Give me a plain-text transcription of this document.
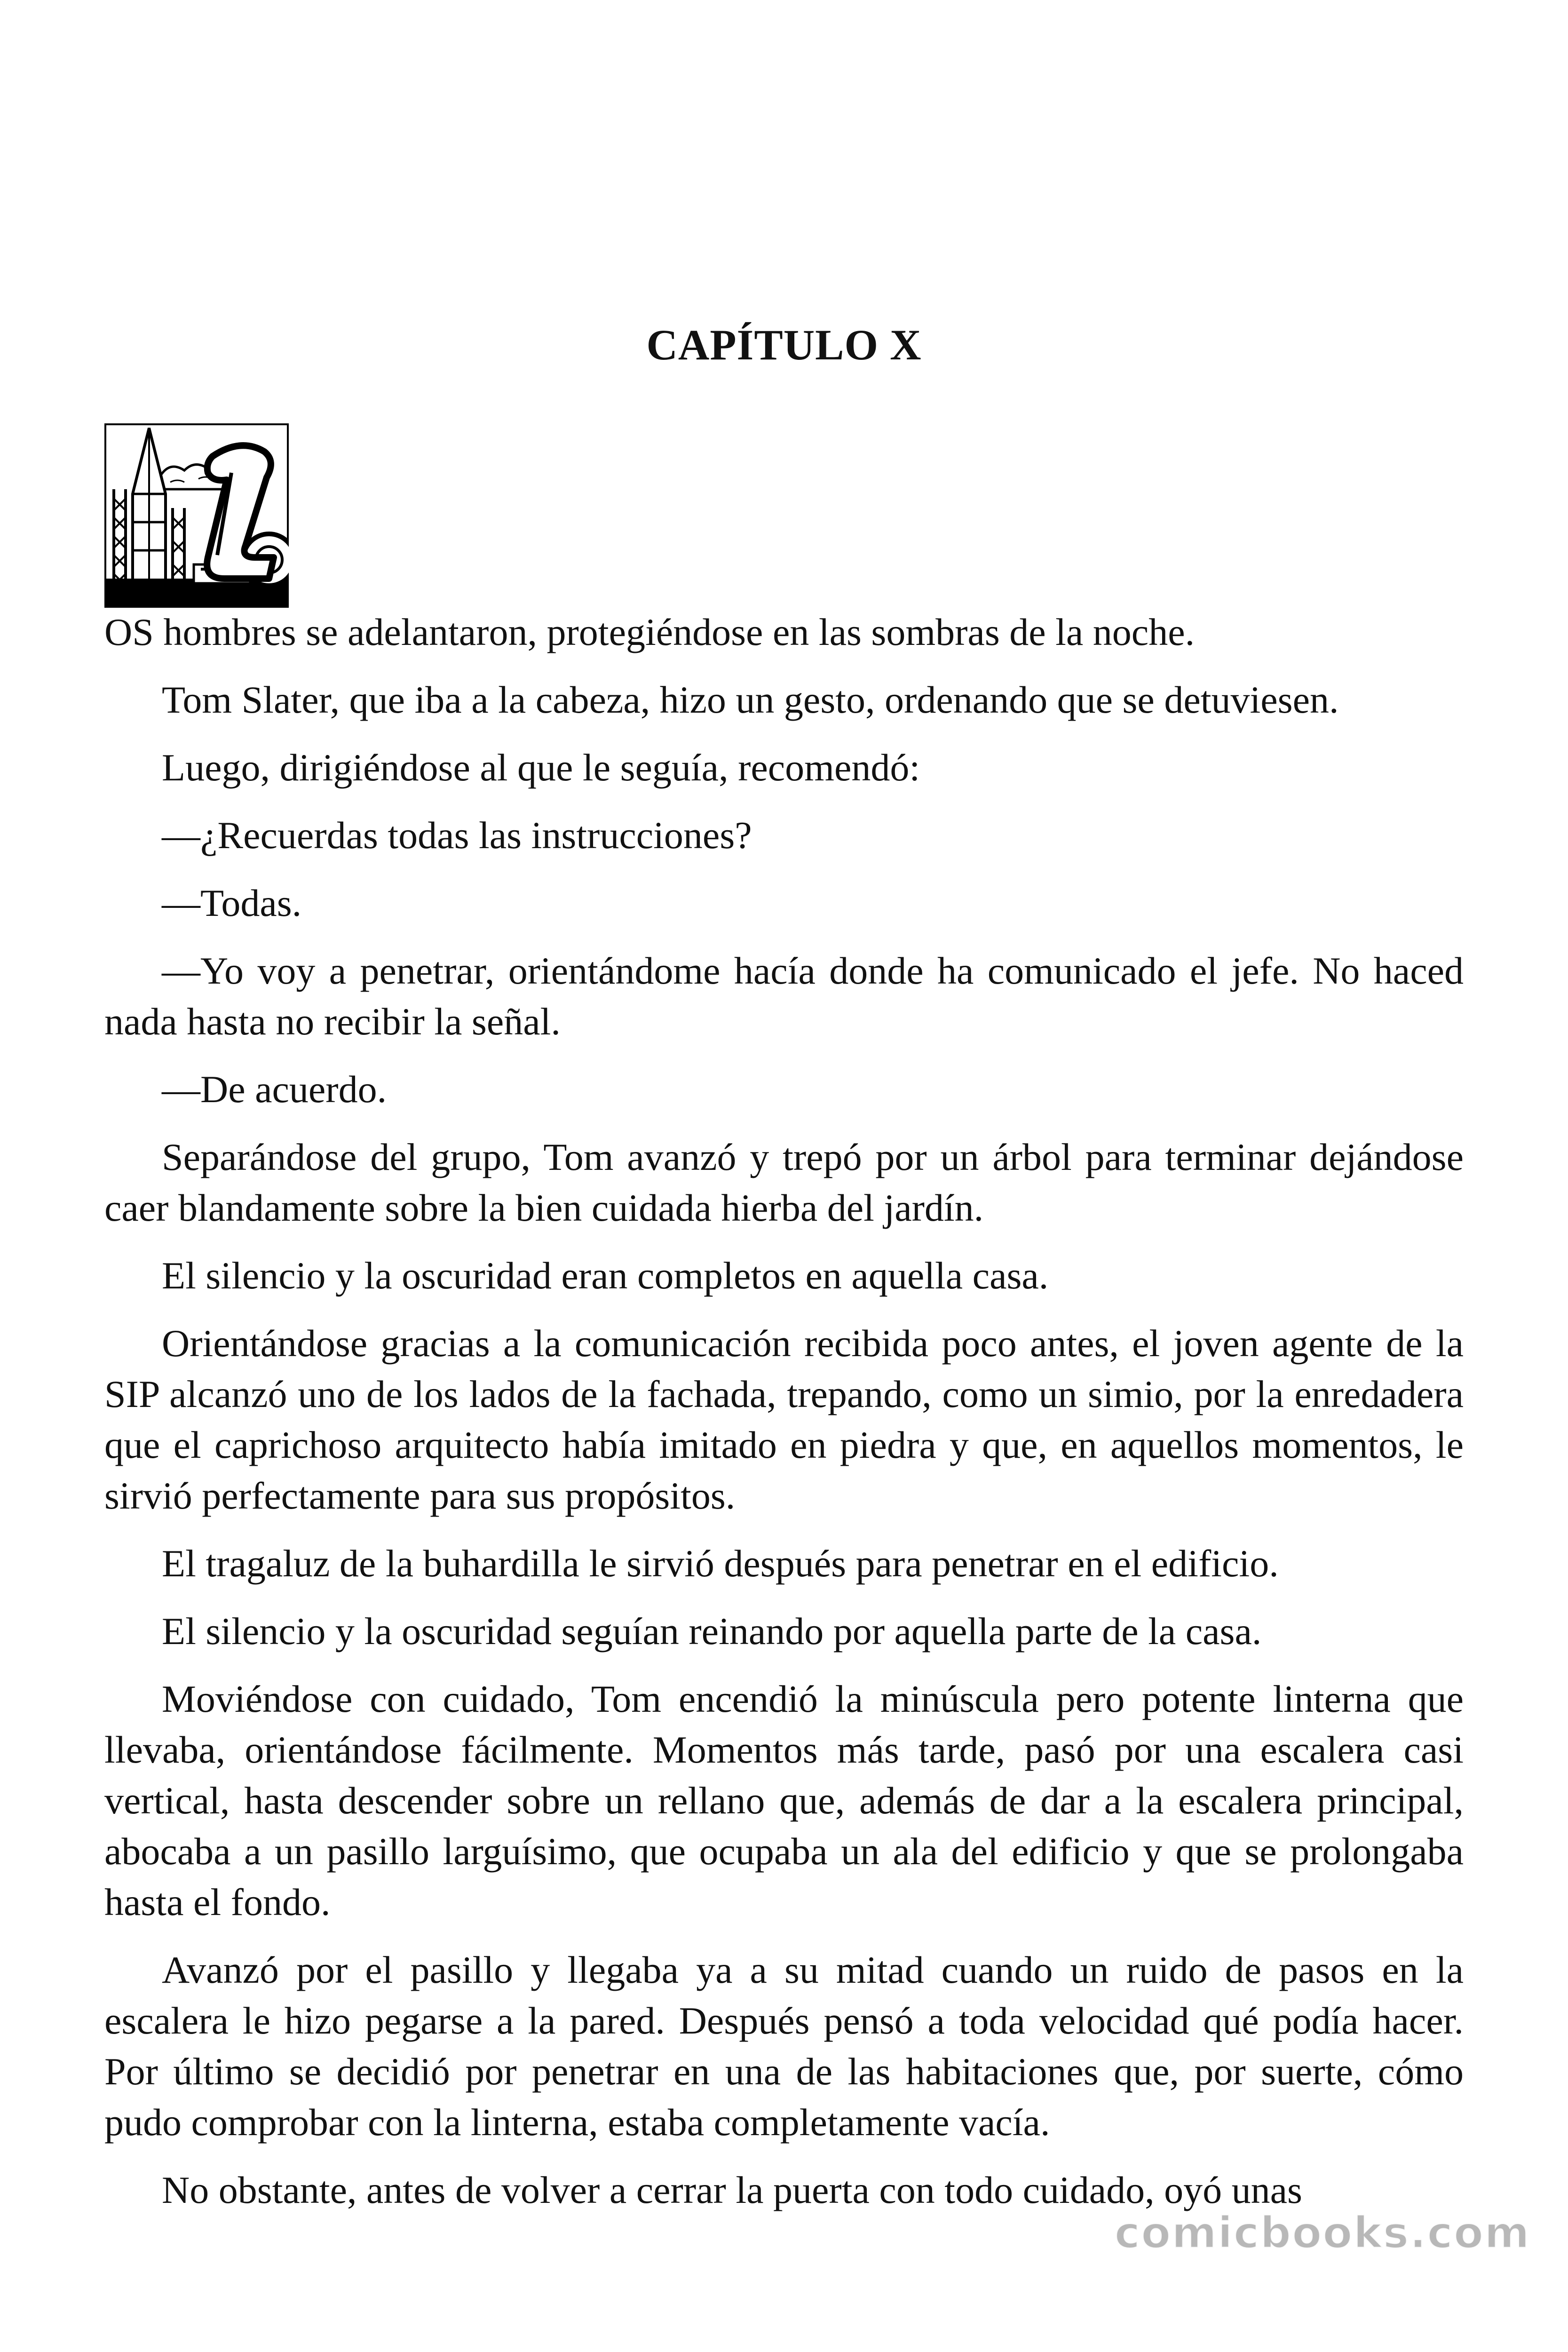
CAPÍTULO X

OS hombres se adelantaron, protegiéndose en las sombras de la noche.

Tom Slater, que iba a la cabeza, hizo un gesto, ordenando que se detuviesen.

Luego, dirigiéndose al que le seguía, recomendó:

—¿Recuerdas todas las instrucciones?

—Todas.

—Yo voy a penetrar, orientándome hacía donde ha comunicado el jefe. No haced nada hasta no recibir la señal.

—De acuerdo.

Separándose del grupo, Tom avanzó y trepó por un árbol para terminar dejándose caer blandamente sobre la bien cuidada hierba del jardín.

El silencio y la oscuridad eran completos en aquella casa.

Orientándose gracias a la comunicación recibida poco antes, el joven agente de la SIP alcanzó uno de los lados de la fachada, trepando, como un simio, por la enredadera que el caprichoso arquitecto había imitado en piedra y que, en aquellos momentos, le sirvió perfectamente para sus propósitos.

El tragaluz de la buhardilla le sirvió después para penetrar en el edificio.

El silencio y la oscuridad seguían reinando por aquella parte de la casa.

Moviéndose con cuidado, Tom encendió la minúscula pero potente linterna que llevaba, orientándose fácilmente. Momentos más tarde, pasó por una escalera casi vertical, hasta descender sobre un rellano que, además de dar a la escalera principal, abocaba a un pasillo larguísimo, que ocupaba un ala del edificio y que se prolongaba hasta el fondo.

Avanzó por el pasillo y llegaba ya a su mitad cuando un ruido de pasos en la escalera le hizo pegarse a la pared. Después pensó a toda velocidad qué podía hacer. Por último se decidió por penetrar en una de las habitaciones que, por suerte, cómo pudo comprobar con la linterna, estaba completamente vacía.

No obstante, antes de volver a cerrar la puerta con todo cuidado, oyó unas

comicbooks.com
